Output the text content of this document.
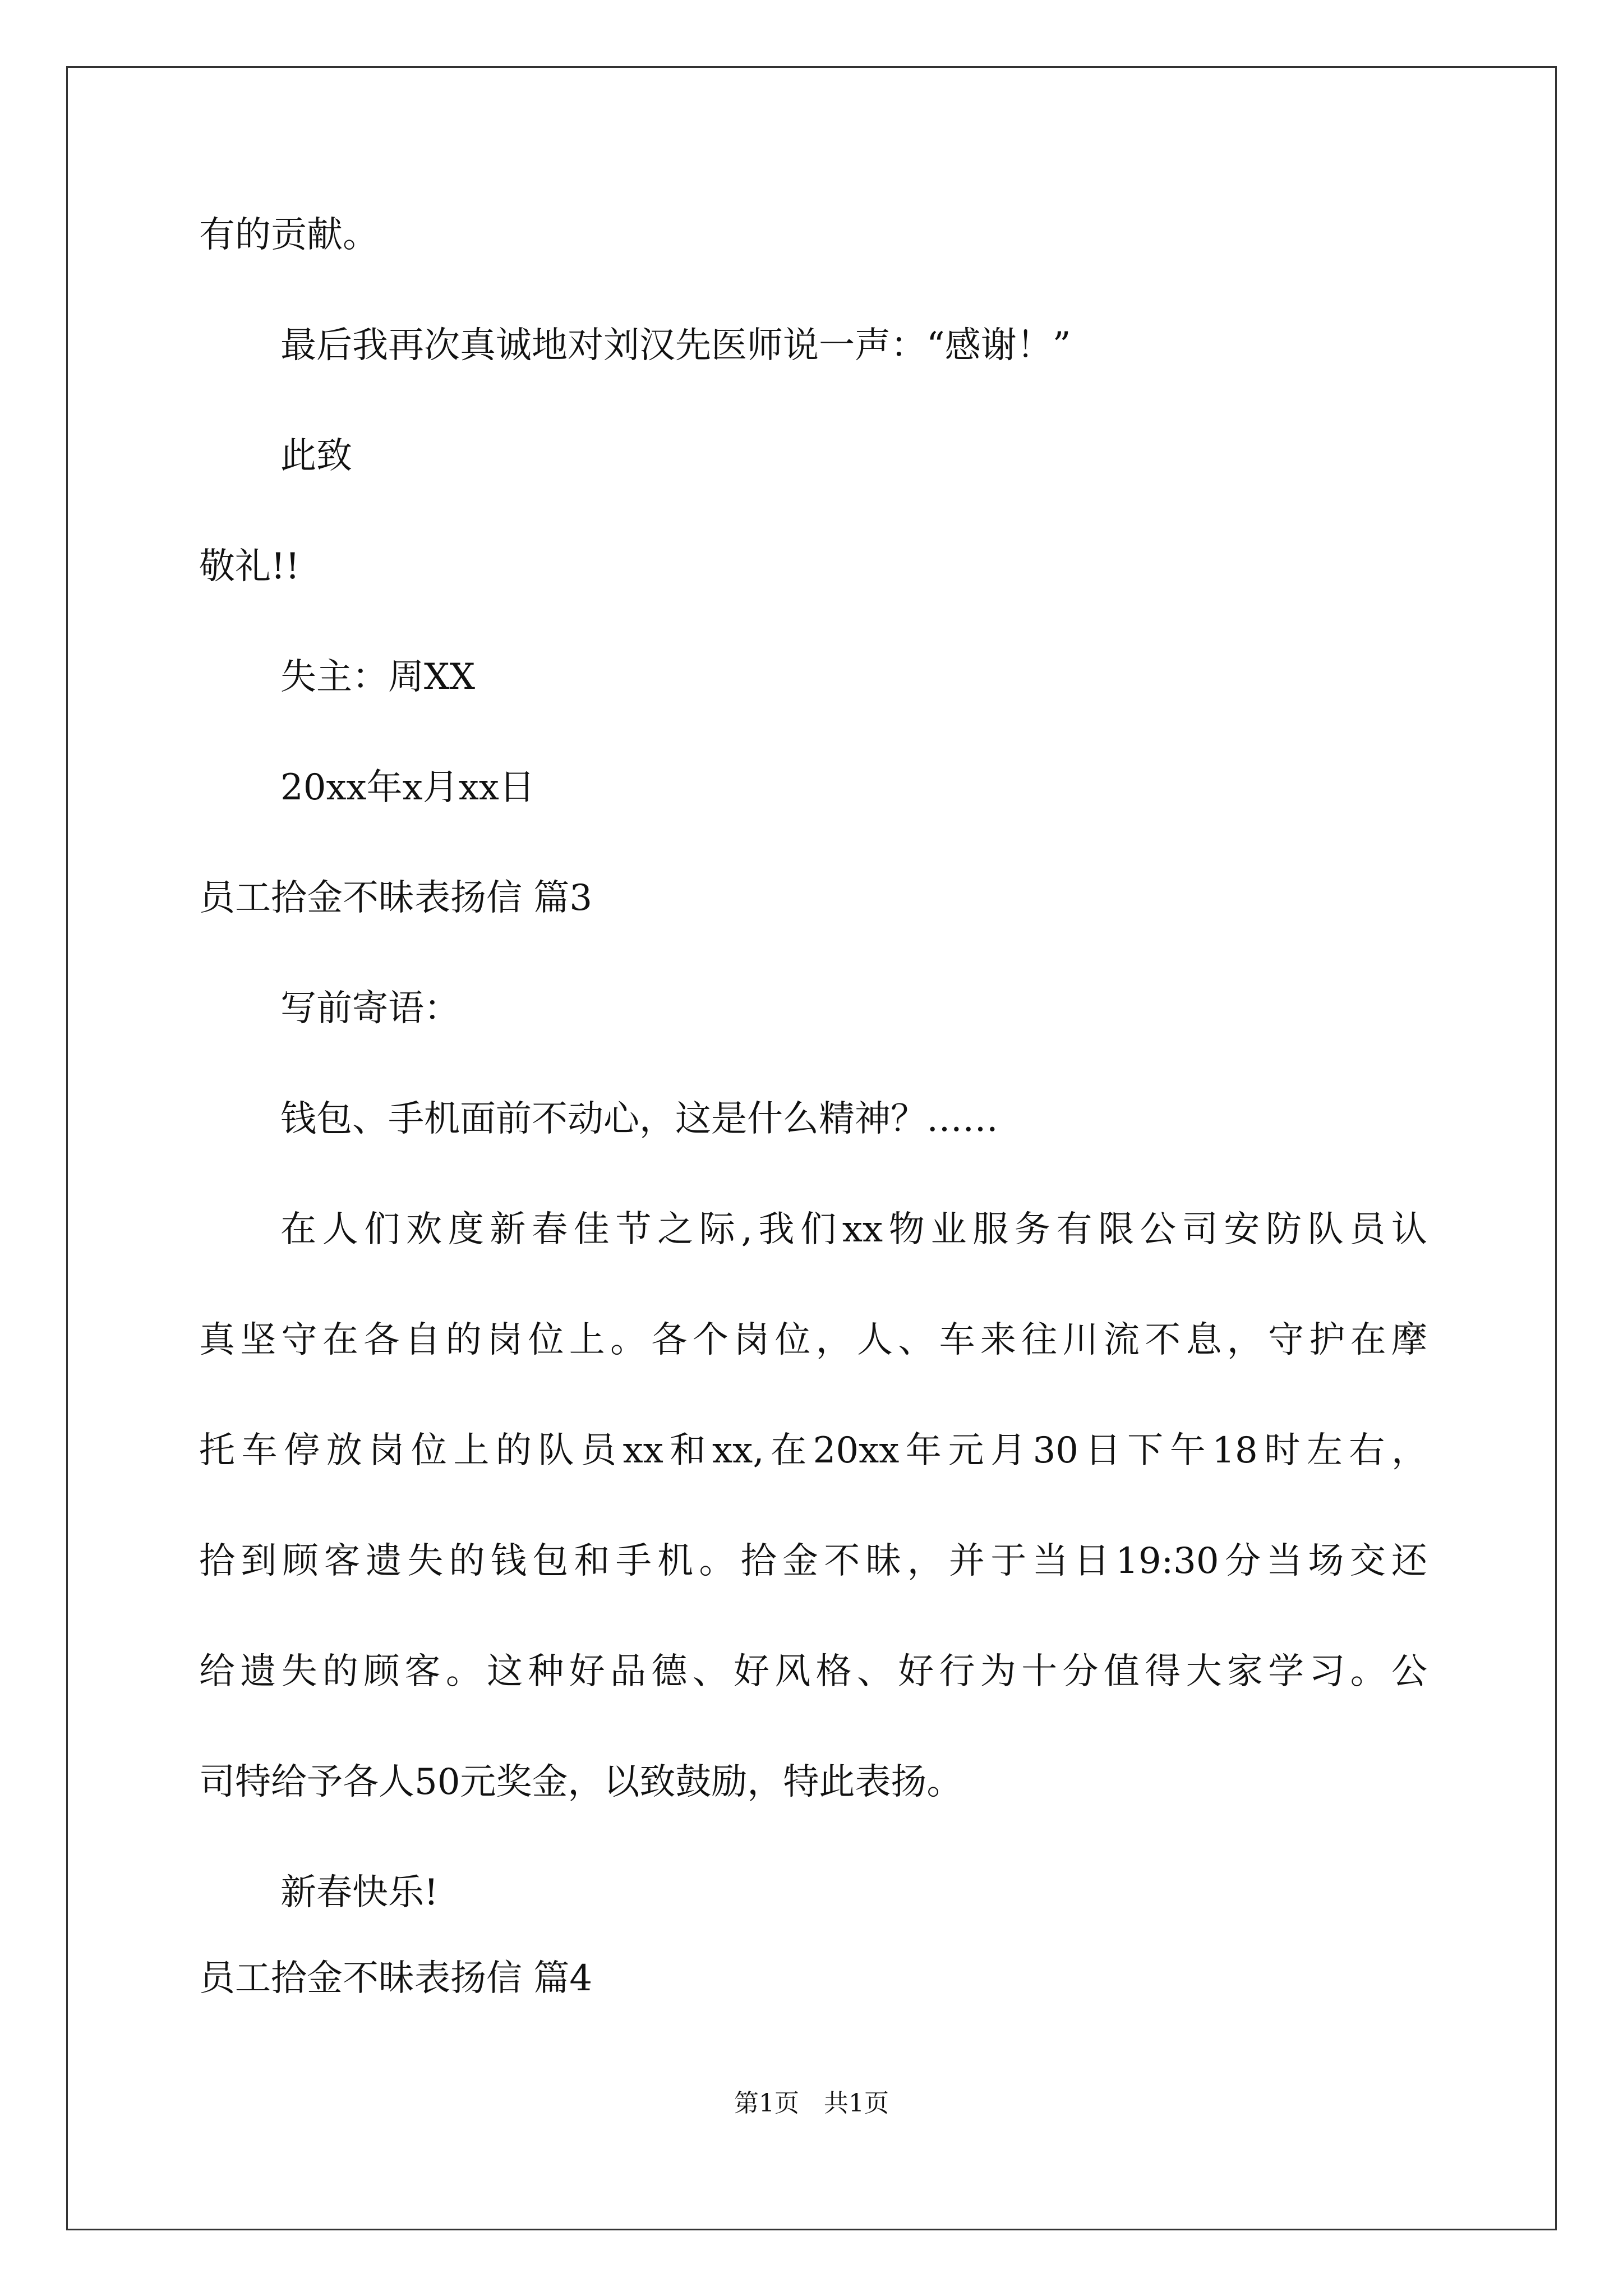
有的贡献。
最后我再次真诚地对刘汉先医师说一声：“感谢！”
此致
敬礼!!
失主：周XX
20xx年x月xx日
员工拾金不昧表扬信 篇3
写前寄语：
钱包、手机面前不动心，这是什么精神？……
在人们欢度新春佳节之际,我们xx物业服务有限公司安防队员认
真坚守在各自的岗位上。各个岗位，人、车来往川流不息，守护在摩
托车停放岗位上的队员xx和xx,在20xx年元月30日下午18时左右，
拾到顾客遗失的钱包和手机。拾金不昧，并于当日19:30分当场交还
给遗失的顾客。这种好品德、好风格、好行为十分值得大家学习。公
司特给予各人50元奖金，以致鼓励，特此表扬。
新春快乐!
员工拾金不昧表扬信 篇4
第1页　共1页
